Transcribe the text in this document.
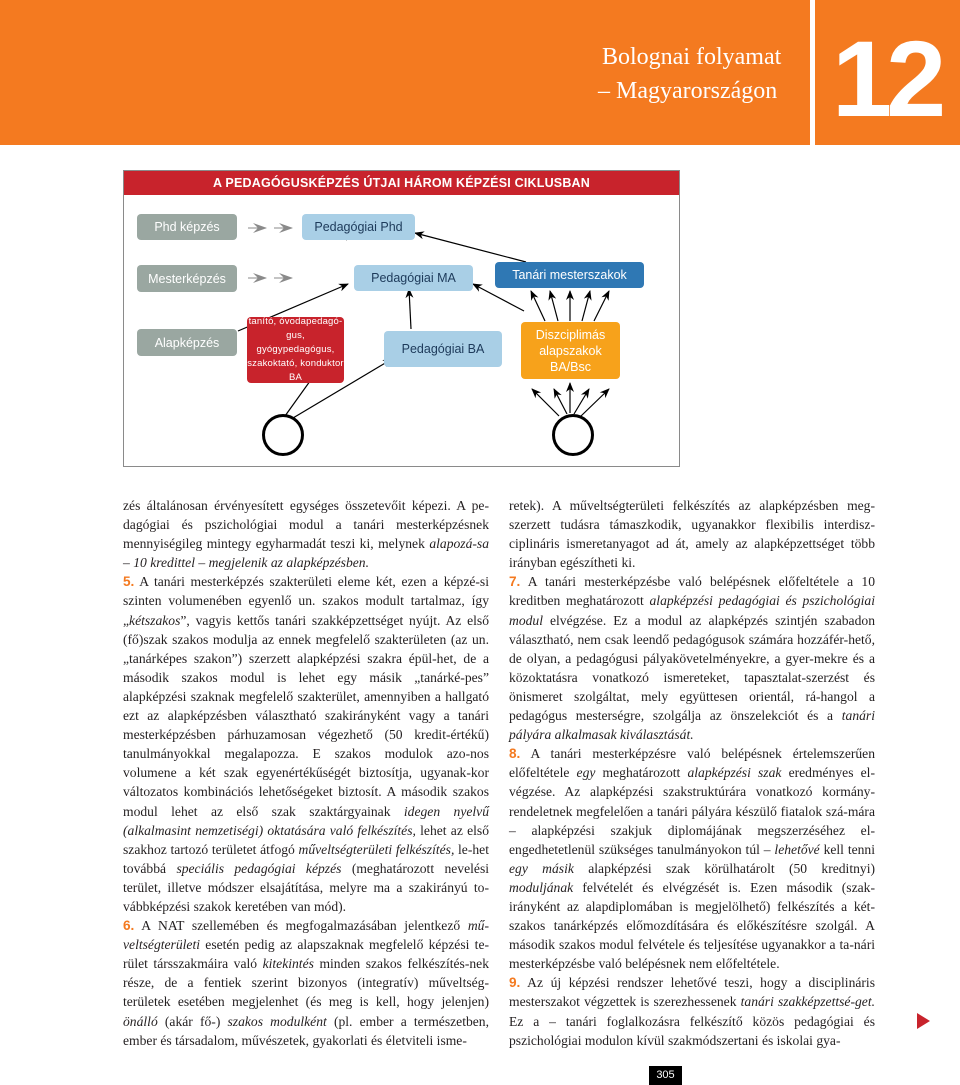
Bolognai folyamat
– Magyarországon 12
A PEDAGÓGUSKÉPZÉS ÚTJAI HÁROM KÉPZÉSI CIKLUSBAN
Phd képzés	Pedagógiai Phd
Mesterképzés	Pedagógiai MA	Tanári mesterszakok
Alapképzés
tanító, óvodapedagó-
gus, gyógypedagógus,
szakoktató, konduktor
BA
Pedagógiai BA
Diszciplimás
alapszakok
BA/Bsc

zés általánosan érvényesített egységes összetevőit képezi. A pe-dagógiai és pszichológiai modul a tanári mesterképzésnek mennyiségileg mintegy egyharmadát teszi ki, melynek alapozá-sa – 10 kredittel – megjelenik az alapképzésben.

5. A tanári mesterképzés szakterületi eleme két, ezen a képzé-si szinten volumenében egyenlő un. szakos modult tartalmaz, így „kétszakos”, vagyis kettős tanári szakképzettséget nyújt. Az első (fő)szak szakos modulja az ennek megfelelő szakterületen (az un. „tanárképes szakon”) szerzett alapképzési szakra épül-het, de a második szakos modul is lehet egy másik „tanárké-pes” alapképzési szaknak megfelelő szakterület, amennyiben a hallgató ezt az alapképzésben választható szakirányként vagy a tanári mesterképzésben párhuzamosan végezhető (50 kredit-értékű) tanulmányokkal megalapozza. E szakos modulok azo-nos volumene a két szak egyenértékűségét biztosítja, ugyanak-kor változatos kombinációs lehetőségeket biztosít. A második szakos modul lehet az első szak szaktárgyainak idegen nyelvű (alkalmasint nemzetiségi) oktatására való felkészítés, lehet az első szakhoz tartozó területet átfogó műveltségterületi felkészítés, le-het továbbá speciális pedagógiai képzés (meghatározott nevelési terület, illetve módszer elsajátítása, melyre ma a szakirányú to-vábbképzési szakok keretében van mód).

6. A NAT szellemében és megfogalmazásában jelentkező mű-veltségterületi esetén pedig az alapszaknak megfelelő képzési te-rület társszakmáira való kitekintés minden szakos felkészítés-nek része, de a fentiek szerint bizonyos (integratív) műveltség-területek esetében megjelenhet (és meg is kell, hogy jelenjen) önálló (akár fő-) szakos modulként (pl. ember a természetben, ember és társadalom, művészetek, gyakorlati és életviteli isme-

retek). A műveltségterületi felkészítés az alapképzésben meg-szerzett tudásra támaszkodik, ugyanakkor flexibilis interdisz-ciplináris ismeretanyagot ad át, amely az alapképzettséget több irányban egészítheti ki.

7. A tanári mesterképzésbe való belépésnek előfeltétele a 10 kreditben meghatározott alapképzési pedagógiai és pszichológiai modul elvégzése. Ez a modul az alapképzés szintjén szabadon választható, nem csak leendő pedagógusok számára hozzáfér-hető, de olyan, a pedagógusi pályakövetelményekre, a gyer-mekre és a közoktatásra vonatkozó ismereteket, tapasztalat-szerzést és önismeret szolgáltat, mely együttesen orientál, rá-hangol a pedagógus mesterségre, szolgálja az önszelekciót és a tanári pályára alkalmasak kiválasztását.

8. A tanári mesterképzésre való belépésnek értelemszerűen előfeltétele egy meghatározott alapképzési szak eredményes el-végzése. Az alapképzési szakstruktúrára vonatkozó kormány-rendeletnek megfelelően a tanári pályára készülő fiatalok szá-mára – alapképzési szakjuk diplomájának megszerzéséhez el-engedhetetlenül szükséges tanulmányokon túl – lehetővé kell tenni egy másik alapképzési szak körülhatárolt (50 kreditnyi) moduljának felvételét és elvégzését is. Ezen második (szak-irányként az alapdiplomában is megjelölhető) felkészítés a két-szakos tanárképzés előmozdítására és előkészítésre szolgál. A második szakos modul felvétele és teljesítése ugyanakkor a ta-nári mesterképzésbe való belépésnek nem előfeltétele.

9. Az új képzési rendszer lehetővé teszi, hogy a disciplináris mesterszakot végzettek is szerezhessenek tanári szakképzettsé-get. Ez a – tanári foglalkozásra felkészítő közös pedagógiai és pszichológiai modulon kívül szakmódszertani és iskolai gya-

305
